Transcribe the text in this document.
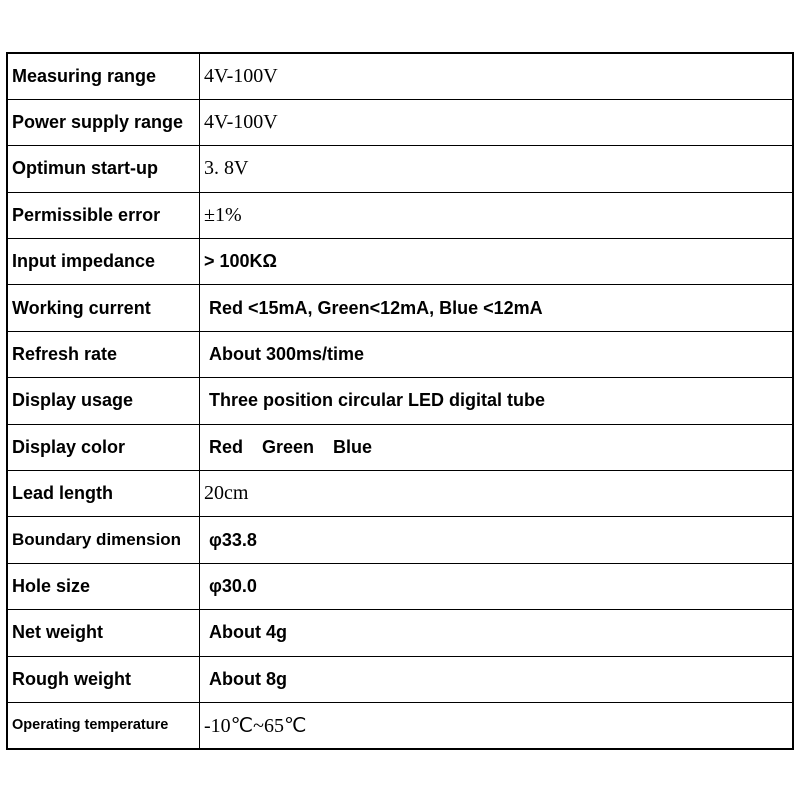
Measuring range	4V-100V
Power supply range	4V-100V
Optimun start-up	3. 8V
Permissible error	±1%
Input impedance	> 100KΩ
Working current	Red <15mA, Green<12mA, Blue <12mA
Refresh rate	About 300ms/time
Display usage	Three position circular LED digital tube
Display color	Red Green Blue
Lead length	20cm
Boundary dimension	φ33.8
Hole size	φ30.0
Net weight	About 4g
Rough weight	About 8g
Operating temperature	-10℃~65℃
